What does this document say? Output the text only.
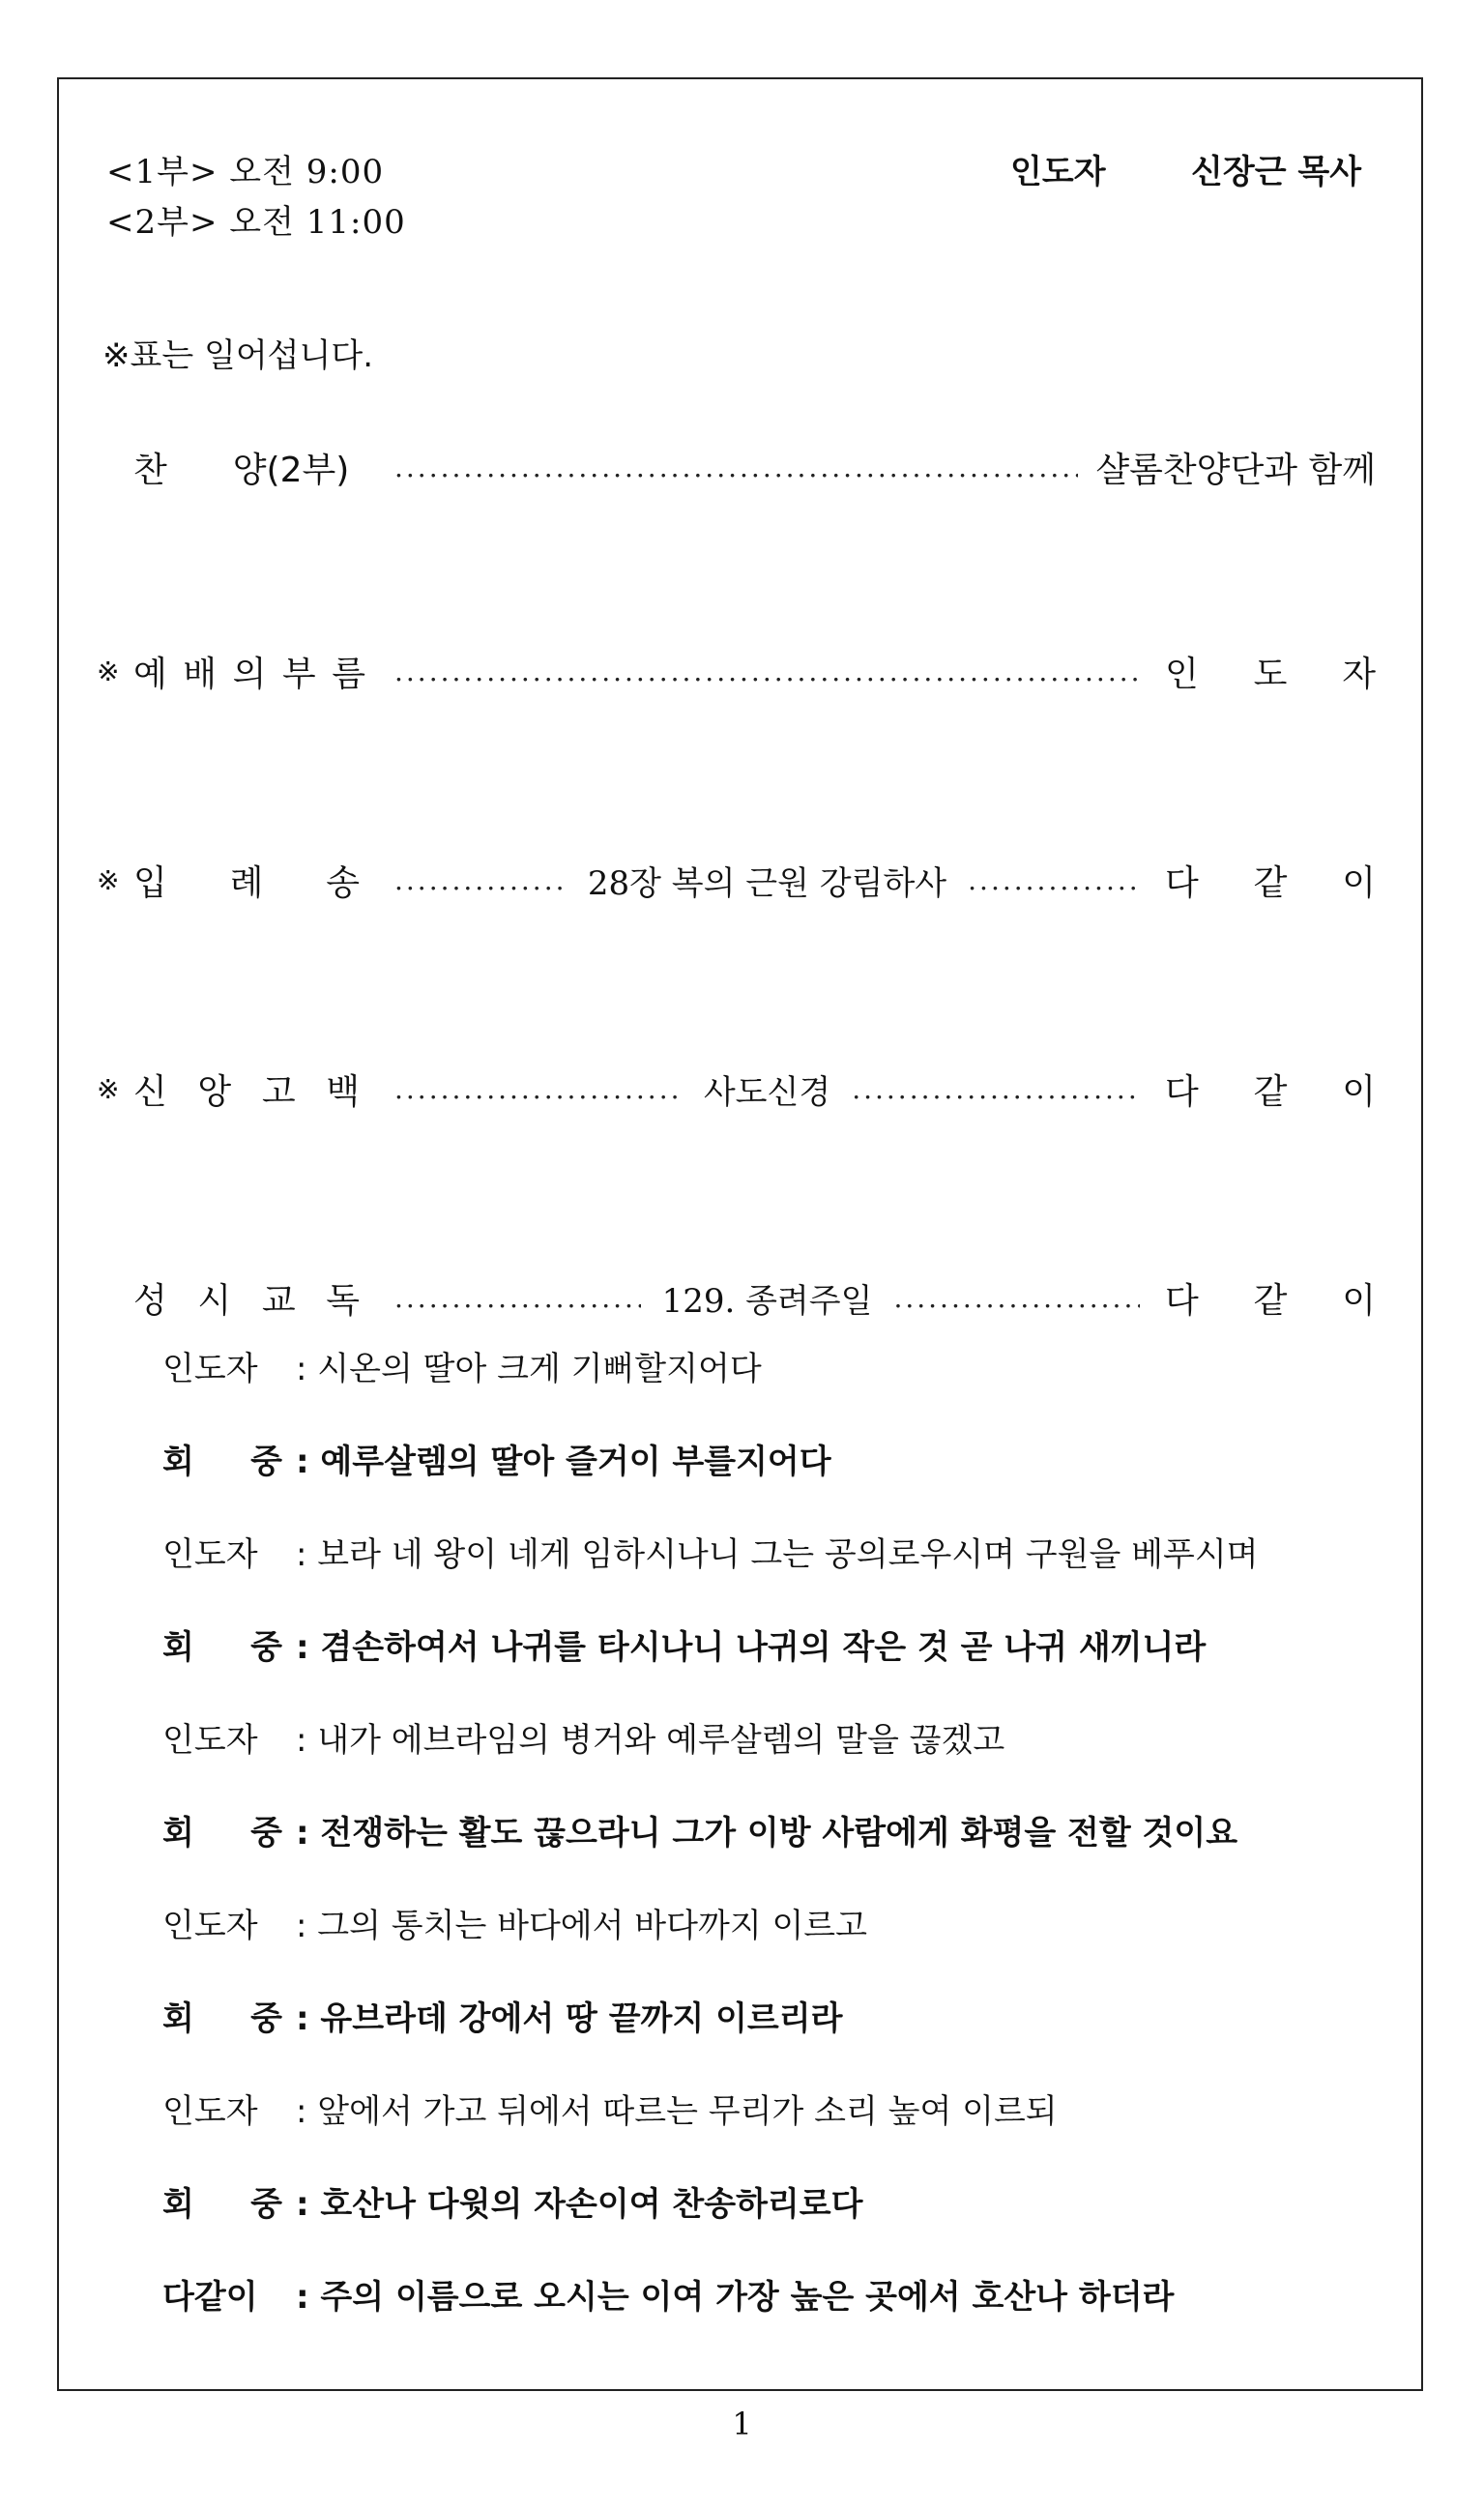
<1부> 오전 9:00
<2부> 오전 11:00
인도자	신장근 목사
※표는 일어섭니다.
찬 양(2부) .....	샬롬찬양단과 함께
※ 예 배 의 부 름 .....	인 도 자
※ 입 례 송 .....	28장 복의 근원 강림하사 .....	다 같 이
※ 신 앙 고 백 .....	사도신경 .....	다 같 이
성 시 교 독 .....	129. 종려주일 .....	다 같 이
인도자 : 시온의 딸아 크게 기뻐할지어다
회 중 : 예루살렘의 딸아 즐거이 부를지어다
인도자 : 보라 네 왕이 네게 임하시나니 그는 공의로우시며 구원을 베푸시며
회 중 : 겸손하여서 나귀를 타시나니 나귀의 작은 것 곧 나귀 새끼니라
인도자 : 내가 에브라임의 병거와 예루살렘의 말을 끊겠고
회 중 : 전쟁하는 활도 끊으라니 그가 이방 사람에게 화평을 전할 것이요
인도자 : 그의 통치는 바다에서 바다까지 이르고
회 중 : 유브라데 강에서 땅 끝까지 이르리라
인도자 : 앞에서 가고 뒤에서 따르는 무리가 소리 높여 이르되
회 중 : 호산나 다윗의 자손이여 찬송하리로다
다같이 : 주의 이름으로 오시는 이여 가장 높은 곳에서 호산나 하더라
1
